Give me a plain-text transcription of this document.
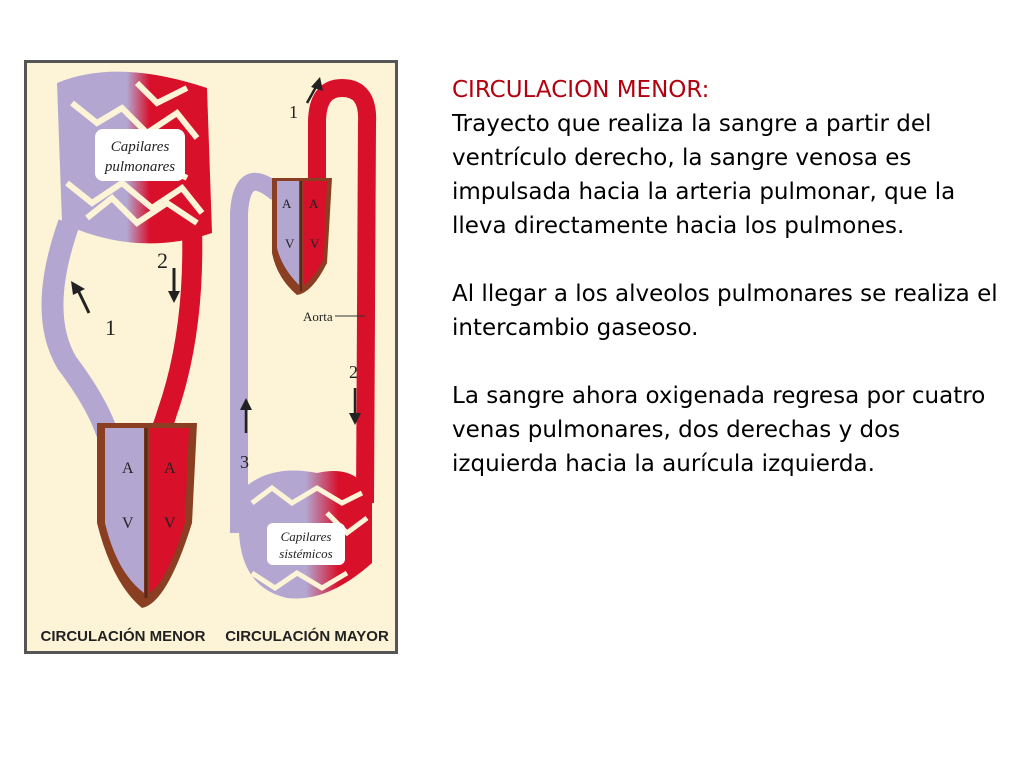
Capilares
pulmonares
A A
V V
1
2
A A
V V
Aorta
Capilares
sistémicos
1
2
3
CIRCULACIÓN MENOR CIRCULACIÓN MAYOR

CIRCULACION MENOR:

Trayecto que realiza la sangre a partir del ventrículo derecho, la sangre venosa es impulsada hacia la arteria pulmonar, que la lleva directamente hacia los pulmones.

Al llegar a los alveolos pulmonares se realiza el intercambio gaseoso.

La sangre ahora oxigenada regresa por cuatro venas pulmonares, dos derechas y dos izquierda hacia la aurícula izquierda.
